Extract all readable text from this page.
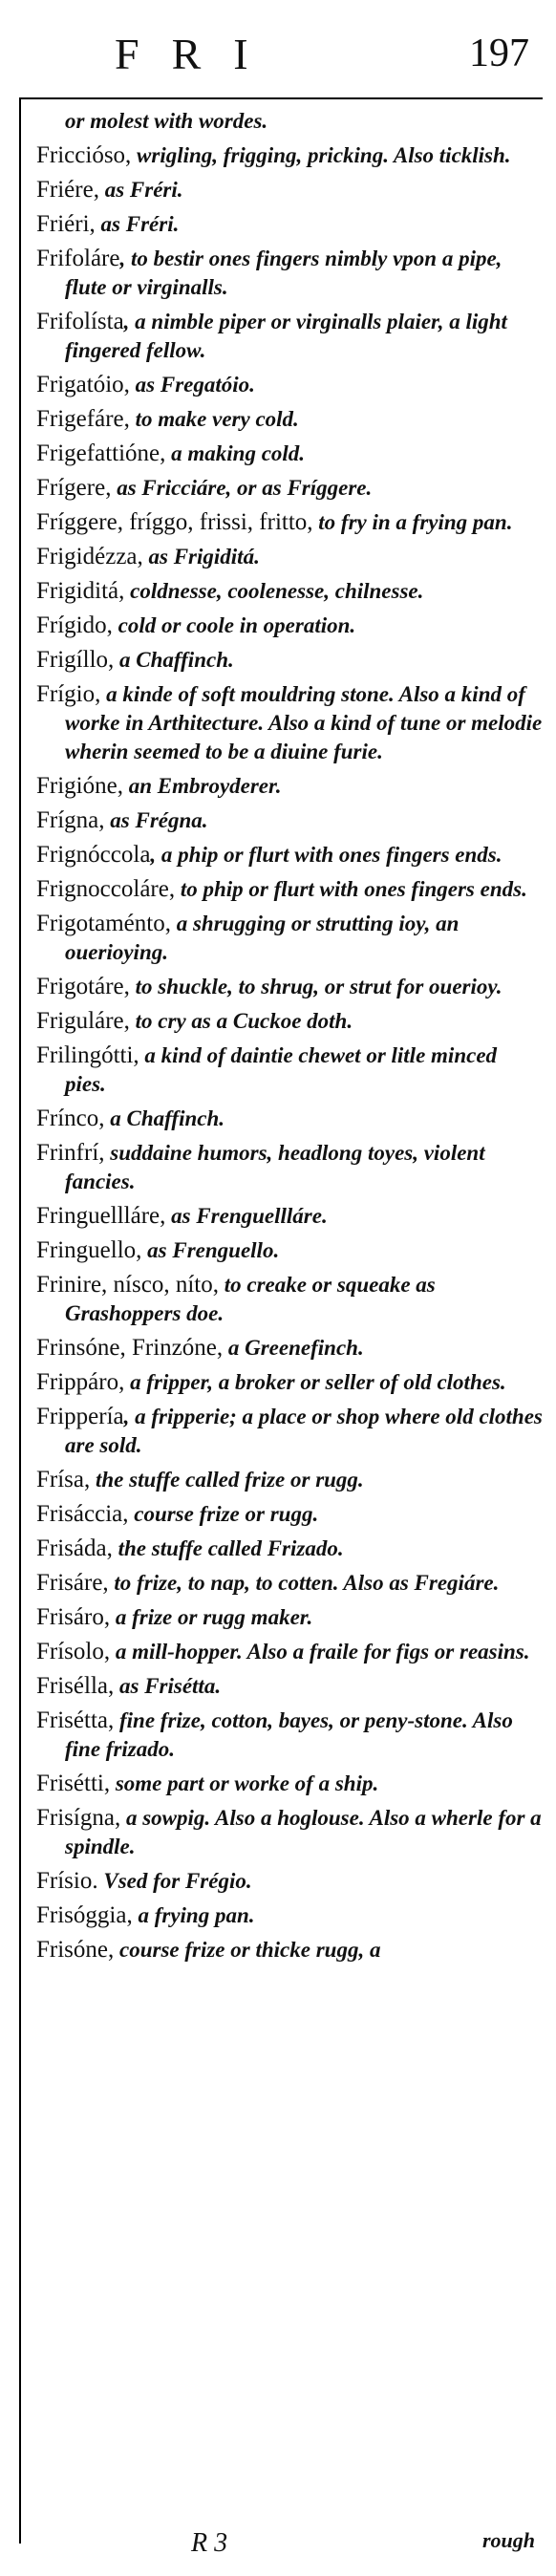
FRI	197
or molest with wordes.
Friccióso, wrigling, frigging, pricking. Also ticklish.
Friére, as Fréri.
Friéri, as Fréri.
Frifoláre, to bestir ones fingers nimbly vpon a pipe, flute or virginalls.
Frifolísta, a nimble piper or virginalls plaier, a light fingered fellow.
Frigatóio, as Fregatóio.
Frigefáre, to make very cold.
Frigefattióne, a making cold.
Frígere, as Fricciáre, or as Fríggere.
Fríggere, fríggo, frissi, fritto, to fry in a frying pan.
Frigidézza, as Frigiditá.
Frigiditá, coldnesse, coolenesse, chilnesse.
Frígido, cold or coole in operation.
Frigíllo, a Chaffinch.
Frígio, a kinde of soft mouldring stone. Also a kind of worke in Arthitecture. Also a kind of tune or melodie wherin seemed to be a diuine furie.
Frigióne, an Embroyderer.
Frígna, as Frégna.
Frignóccola, a phip or flurt with ones fingers ends.
Frignoccoláre, to phip or flurt with ones fingers ends.
Frigotaménto, a shrugging or strutting ioy, an ouerioying.
Frigotáre, to shuckle, to shrug, or strut for ouerioy.
Friguláre, to cry as a Cuckoe doth.
Frilingótti, a kind of daintie chewet or litle minced pies.
Frínco, a Chaffinch.
Frinfrí, suddaine humors, headlong toyes, violent fancies.
Fringuellláre, as Frenguellláre.
Fringuello, as Frenguello.
Frinire, nísco, níto, to creake or squeake as Grashoppers doe.
Frinsóne, Frinzóne, a Greenefinch.
Frippáro, a fripper, a broker or seller of old clothes.
Frippería, a fripperie; a place or shop where old clothes are sold.
Frísa, the stuffe called frize or rugg.
Frisáccia, course frize or rugg.
Frisáda, the stuffe called Frizado.
Frisáre, to frize, to nap, to cotten. Also as Fregiáre.
Frisáro, a frize or rugg maker.
Frísolo, a mill-hopper. Also a fraile for figs or reasins.
Frisélla, as Frisétta.
Frisétta, fine frize, cotton, bayes, or peny-stone. Also fine frizado.
Frisétti, some part or worke of a ship.
Frisígna, a sowpig. Also a hoglouse. Also a wherle for a spindle.
Frísio. Vsed for Frégio.
Frisóggia, a frying pan.
Frisóne, course frize or thicke rugg, a
R 3	rough
